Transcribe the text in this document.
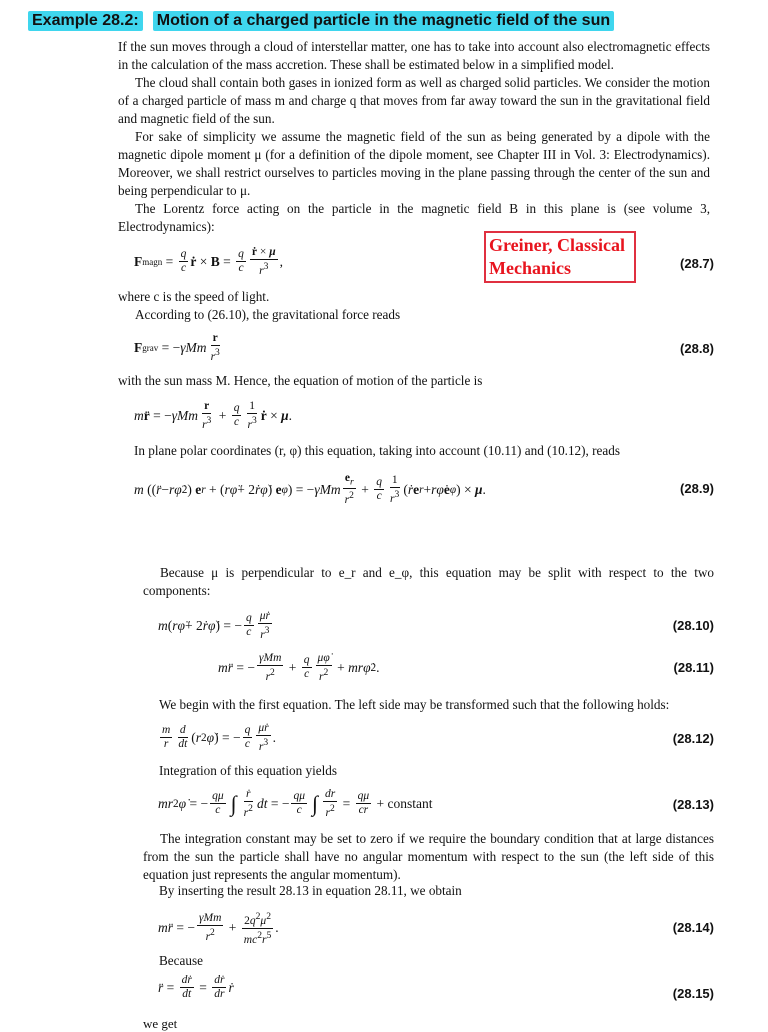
Example 28.2: Motion of a charged particle in the magnetic field of the sun

If the sun moves through a cloud of interstellar matter, one has to take into account also electromagnetic effects in the calculation of the mass accretion. These shall be estimated below in a simplified model.

The cloud shall contain both gases in ionized form as well as charged solid particles. We consider the motion of a charged particle of mass m and charge q that moves from far away toward the sun in the gravitational field and magnetic field of the sun.

For sake of simplicity we assume the magnetic field of the sun as being generated by a dipole with the magnetic dipole moment μ (for a definition of the dipole moment, see Chapter III in Vol. 3: Electrodynamics). Moreover, we shall restrict ourselves to particles moving in the plane passing through the center of the sun and being perpendicular to μ.

The Lorentz force acting on the particle in the magnetic field B in this plane is (see volume 3, Electrodynamics):

Greiner, Classical Mechanics
F magn = $\frac{q}{c}$ ṙ × $B = \frac{q}{c} \frac{\text{ṙ × μ}}{r^3}$ ,	(28.7)

where c is the speed of light.

According to (26.10), the gravitational force reads

F grav = − γMm $\frac{r}{r^3}$	(28.8)

with the sun mass M. Hence, the equation of motion of the particle is

m r̈ = − γMm $\frac{r}{r^3} + \frac{q}{c} \frac{1}{r^3}$ ṙ × μ .

In plane polar coordinates (r, φ) this equation, taking into account (10.11) and (10.12), reads

m (( r̈ − rφ̇ 2 ) e r + ( rφ̈ + 2 ṙφ̇ ) e φ ) = − γMm $\frac{e_r}{r^2} + \frac{q}{c} \frac{1}{r^3}$ ( ṙ e r + rφ̇ e φ ) × μ .	(28.9)

Because μ is perpendicular to e_r and e_φ, this equation may be split with respect to the two components:

m ( rφ̈ + 2 ṙφ̇ ) = − $\frac{q}{c} \frac{\text{μṙ}}{r^3}$	(28.10)
mr̈ = − $\frac{\text{γMm}}{r^2} + \frac{q}{c} \frac{\mu\varphi̇}{r^2}$ + mrφ̇ 2 .	(28.11)

We begin with the first equation. The left side may be transformed such that the following holds:

$\frac{m}{r} \frac{d}{dt}$ ( r 2 φ̇ ) = − $\frac{q}{c} \frac{\text{μṙ}}{r^3}$ .	(28.12)

Integration of this equation yields

mr 2 φ̇ = − $\frac{q\mu}{c}$ ∫ $\frac{\text{ṙ}}{r^2}$ dt = − $\frac{q\mu}{c}$ ∫ $\frac{dr}{r^2} = \frac{q\mu}{cr}$ + constant	(28.13)

The integration constant may be set to zero if we require the boundary condition that at large distances from the sun the particle shall have no angular momentum with respect to the sun (the left side of this equation just represents the angular momentum).

By inserting the result 28.13 in equation 28.11, we obtain

mr̈ = − $\frac{\text{γMm}}{r^2} + \frac{2q^2\mu^2}{mc^2r^5}$ .	(28.14)

Because

r̈ = $\frac{\text{dṙ}}{dt} = \frac{\text{dṙ}}{dr}$ ṙ	(28.15)
we get
